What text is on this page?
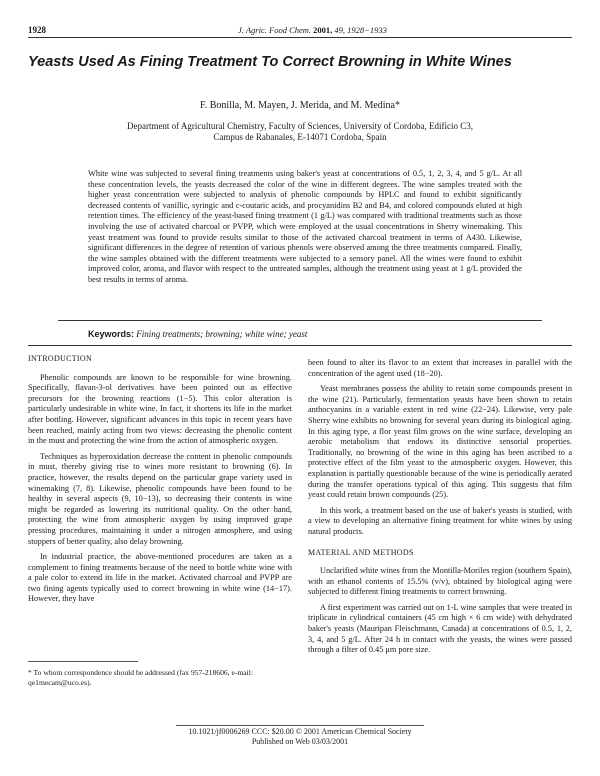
1928	J. Agric. Food Chem. 2001, 49, 1928−1933
Yeasts Used As Fining Treatment To Correct Browning in White Wines
F. Bonilla, M. Mayen, J. Merida, and M. Medina*
Department of Agricultural Chemistry, Faculty of Sciences, University of Cordoba, Edificio C3,
Campus de Rabanales, E-14071 Cordoba, Spain
White wine was subjected to several fining treatments using baker's yeast at concentrations of 0.5, 1, 2, 3, 4, and 5 g/L. At all these concentration levels, the yeasts decreased the color of the wine in different degrees. The wine samples treated with the higher yeast concentration were subjected to analysis of phenolic compounds by HPLC and found to exhibit significantly decreased contents of vanillic, syringic and c-coutaric acids, and procyanidins B2 and B4, and colored compounds eluted at high retention times. The efficiency of the yeast-based fining treatment (1 g/L) was compared with traditional treatments such as those involving the use of activated charcoal or PVPP, which were employed at the usual concentrations in Sherry winemaking. This yeast treatment was found to provide results similar to those of the activated charcoal treatment in terms of A430. Likewise, significant differences in the degree of retention of various phenols were observed among the three treatments compared. Finally, the wine samples obtained with the different treatments were subjected to a sensory panel. All the wines were found to exhibit improved color, aroma, and flavor with respect to the untreated samples, although the treatment using yeast at 1 g/L provided the best results in terms of aroma.
Keywords: Fining treatments; browning; white wine; yeast
INTRODUCTION

Phenolic compounds are known to be responsible for wine browning. Specifically, flavan-3-ol derivatives have been pointed out as effective precursors for the browning reactions (1−5). This color alteration is particularly undesirable in white wine. In fact, it shortens its life in the market after bottling. However, significant advances in this topic in recent years have been reached, mainly acting from two views: decreasing the phenolic content in the must and protecting the wine from the action of atmospheric oxygen.

Techniques as hyperoxidation decrease the content in phenolic compounds in must, thereby giving rise to wines more resistant to browning (6). In practice, however, the results depend on the particular grape variety used in winemaking (7, 8). Likewise, phenolic compounds have been found to be healthy in several aspects (9, 10−13), so decreasing their contents in wine might be regarded as lowering its nutritional quality. On the other hand, protecting the wine from atmospheric oxygen by using improved grape pressing procedures, maintaining it under a nitrogen atmosphere, and using stoppers of better quality, also delay browning.

In industrial practice, the above-mentioned procedures are taken as a complement to fining treatments because of the need to bottle white wine with a pale color to extend its life in the market. Activated charcoal and PVPP are two fining agents typically used to correct browning in white wine (14−17). However, they have

* To whom correspondence should be addressed (fax 957-218606, e-mail: qe1mecam@uco.es).

been found to alter its flavor to an extent that increases in parallel with the concentration of the agent used (18−20).

Yeast membranes possess the ability to retain some compounds present in the wine (21). Particularly, fermentation yeasts have been shown to retain anthocyanins in a variable extent in red wine (22−24). Likewise, very pale Sherry wine exhibits no browning for several years during its biological aging. In this aging type, a flor yeast film grows on the wine surface, developing an aerobic metabolism that endows its distinctive sensorial properties. Traditionally, no browning of the wine in this aging has been ascribed to a protective effect of the film yeast to the atmospheric oxygen. However, this explanation is partially questionable because of the wine is periodically aerated during the transfer operations typical of this aging. This suggests that film yeast could retain brown compounds (25).

In this work, a treatment based on the use of baker's yeasts is studied, with a view to developing an alternative fining treatment for white wines by using natural products.

MATERIAL AND METHODS

Unclarified white wines from the Montilla-Moriles region (southern Spain), with an ethanol contents of 15.5% (v/v), obtained by biological aging were subjected to different fining treatments to correct browning.

A first experiment was carried out on 1-L wine samples that were treated in triplicate in cylindrical containers (45 cm high × 6 cm wide) with dehydrated baker's yeasts (Mauripan Fleischmann, Canada) at concentrations of 0.5, 1, 2, 3, 4, and 5 g/L. After 24 h in contact with the yeasts, the wines were passed through a filter of 0.45 μm pore size.

10.1021/jf0006269 CCC: $20.00 © 2001 American Chemical Society
Published on Web 03/03/2001
